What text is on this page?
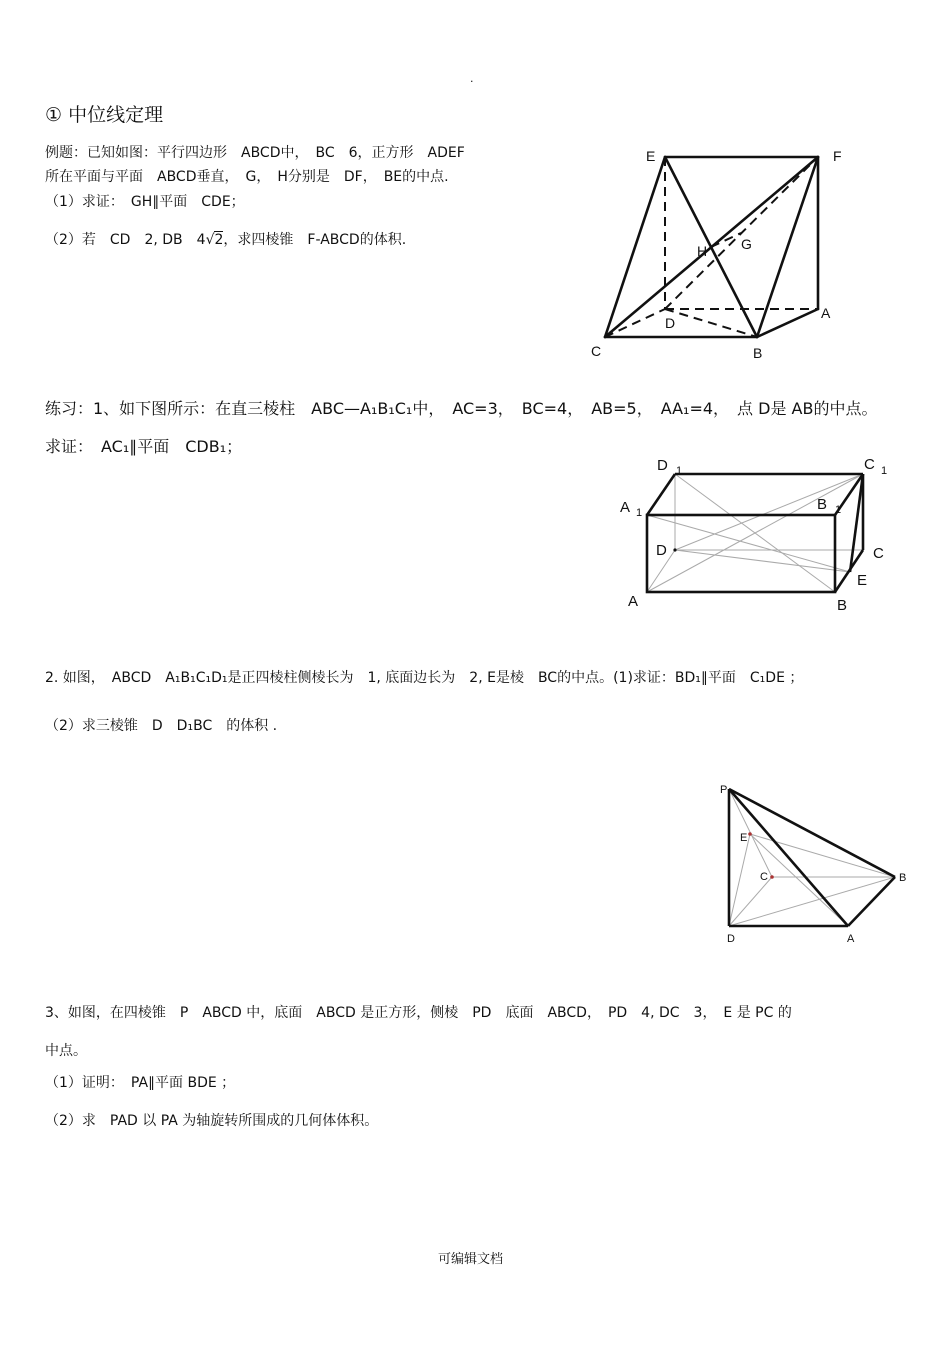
.
① 中位线定理
例题：已知如图：平行四边形　ABCD中，　BC　6，正方形　ADEF
所在平面与平面　ABCD垂直，　G，　H分别是　DF，　BE的中点.
（1）求证：　GH∥平面　CDE；
（2）若　CD　2, DB　4√2，求四棱锥　F-ABCD的体积.
E	F
H G
D
A
C	B
练习：1、如下图所示：在直三棱柱　ABC—A₁B₁C₁中，　AC=3，　BC=4，　AB=5，　AA₁=4，　点 D是 AB的中点。
求证：　AC₁∥平面　CDB₁；
D 1	C 1
A 1	B 1
D	C
E
A	B
2. 如图，　ABCD　A₁B₁C₁D₁是正四棱柱侧棱长为　1, 底面边长为　2, E是棱　BC的中点。(1)求证：BD₁∥平面　C₁DE ；
（2）求三棱锥　D　D₁BC　的体积 .
P
E
C	B
D	A
3、如图，在四棱锥　P　ABCD 中，底面　ABCD 是正方形，侧棱　PD　底面　ABCD，　PD　4, DC　3，　E 是 PC 的
中点。
（1）证明：　PA∥平面 BDE ；
（2）求　PAD 以 PA 为轴旋转所围成的几何体体积。
可编辑文档
